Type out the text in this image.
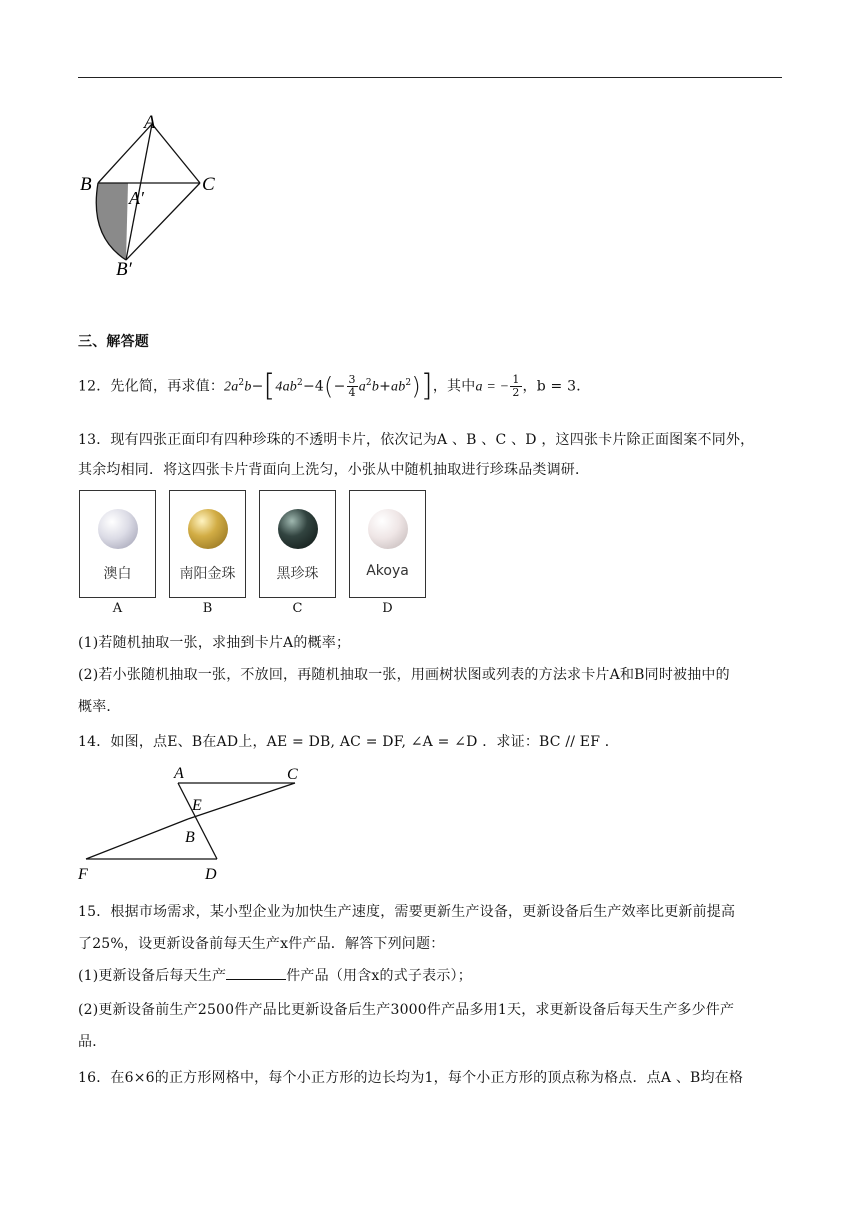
A
B	C
A′
B′
三、解答题
12．先化简，再求值：$2a^2b-[4ab^2-4(- \frac{3}{4} a^2b+ab^2)]$，其中a = − $\frac{1}{2}$ ，b = 3．
13．现有四张正面印有四种珍珠的不透明卡片，依次记为A 、B 、C 、D ，这四张卡片除正面图案不同外，
其余均相同．将这四张卡片背面向上洗匀，小张从中随机抽取进行珍珠品类调研．
澳白	南阳金珠	黑珍珠	Akoya
A	B	C	D
(1)若随机抽取一张，求抽到卡片A的概率；
(2)若小张随机抽取一张，不放回，再随机抽取一张，用画树状图或列表的方法求卡片A和B同时被抽中的
概率．
14．如图，点E、B在AD上，AE = DB, AC = DF, ∠A = ∠D ．求证：BC // EF ．
A	C
E
B
F	D
15．根据市场需求，某小型企业为加快生产速度，需要更新生产设备，更新设备后生产效率比更新前提高
了25%，设更新设备前每天生产x件产品．解答下列问题：
(1)更新设备后每天生产	件产品（用含x的式子表示）；
(2)更新设备前生产2500件产品比更新设备后生产3000件产品多用1天，求更新设备后每天生产多少件产
品．
16．在6×6的正方形网格中，每个小正方形的边长均为1，每个小正方形的顶点称为格点．点A 、B均在格
